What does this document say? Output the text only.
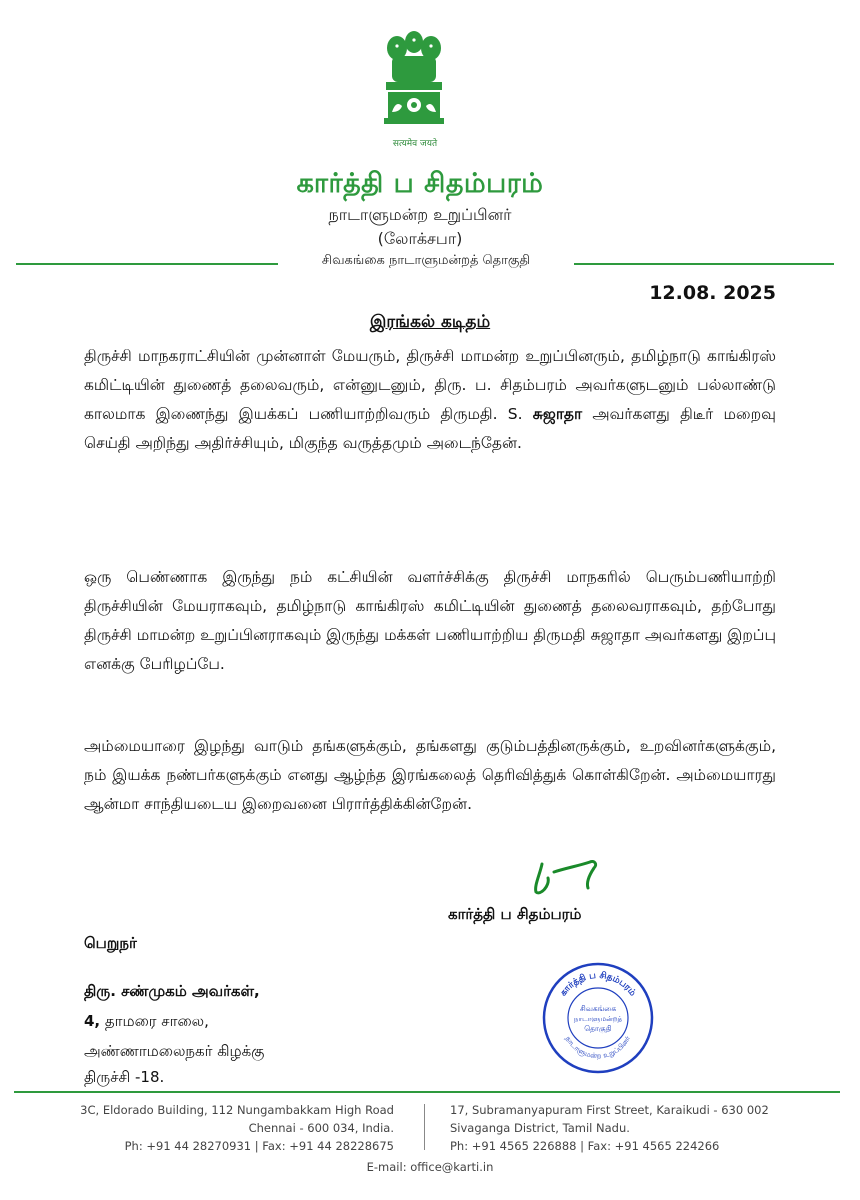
सत्यमेव जयते
கார்த்தி ப சிதம்பரம்
நாடாளுமன்ற உறுப்பினர்
(லோக்சபா)
சிவகங்கை நாடாளுமன்றத் தொகுதி
12.08. 2025
இரங்கல் கடிதம்
திருச்சி மாநகராட்சியின் முன்னாள் மேயரும், திருச்சி மாமன்ற உறுப்பினரும், தமிழ்நாடு காங்கிரஸ் கமிட்டியின் துணைத் தலைவரும், என்னுடனும், திரு. ப. சிதம்பரம் அவர்களுடனும் பல்லாண்டு காலமாக இணைந்து இயக்கப் பணியாற்றிவரும் திருமதி. S. சுஜாதா அவர்களது திடீர் மறைவு செய்தி அறிந்து அதிர்ச்சியும், மிகுந்த வருத்தமும் அடைந்தேன்.
ஒரு பெண்ணாக இருந்து நம் கட்சியின் வளர்ச்சிக்கு திருச்சி மாநகரில் பெரும்பணியாற்றி திருச்சியின் மேயராகவும், தமிழ்நாடு காங்கிரஸ் கமிட்டியின் துணைத் தலைவராகவும், தற்போது திருச்சி மாமன்ற உறுப்பினராகவும் இருந்து மக்கள் பணியாற்றிய திருமதி சுஜாதா அவர்களது இறப்பு எனக்கு பேரிழப்பே.
அம்மையாரை இழந்து வாடும் தங்களுக்கும், தங்களது குடும்பத்தினருக்கும், உறவினர்களுக்கும், நம் இயக்க நண்பர்களுக்கும் எனது ஆழ்ந்த இரங்கலைத் தெரிவித்துக் கொள்கிறேன். அம்மையாரது ஆன்மா சாந்தியடைய இறைவனை பிரார்த்திக்கின்றேன்.
கார்த்தி ப சிதம்பரம்
பெறுநர்
திரு. சண்முகம் அவர்கள்,
4, தாமரை சாலை,
அண்ணாமலைநகர் கிழக்கு
திருச்சி -18.
கார்த்தி ப சிதம்பரம்
நாடாளுமன்ற உறுப்பினர்
சிவகங்கை
நாடாளுமன்றத்
தொகுதி
3C, Eldorado Building, 112 Nungambakkam High Road
Chennai - 600 034, India.
Ph: +91 44 28270931 | Fax: +91 44 28228675
17, Subramanyapuram First Street, Karaikudi - 630 002
Sivaganga District, Tamil Nadu.
Ph: +91 4565 226888 | Fax: +91 4565 224266
E-mail: office@karti.in
